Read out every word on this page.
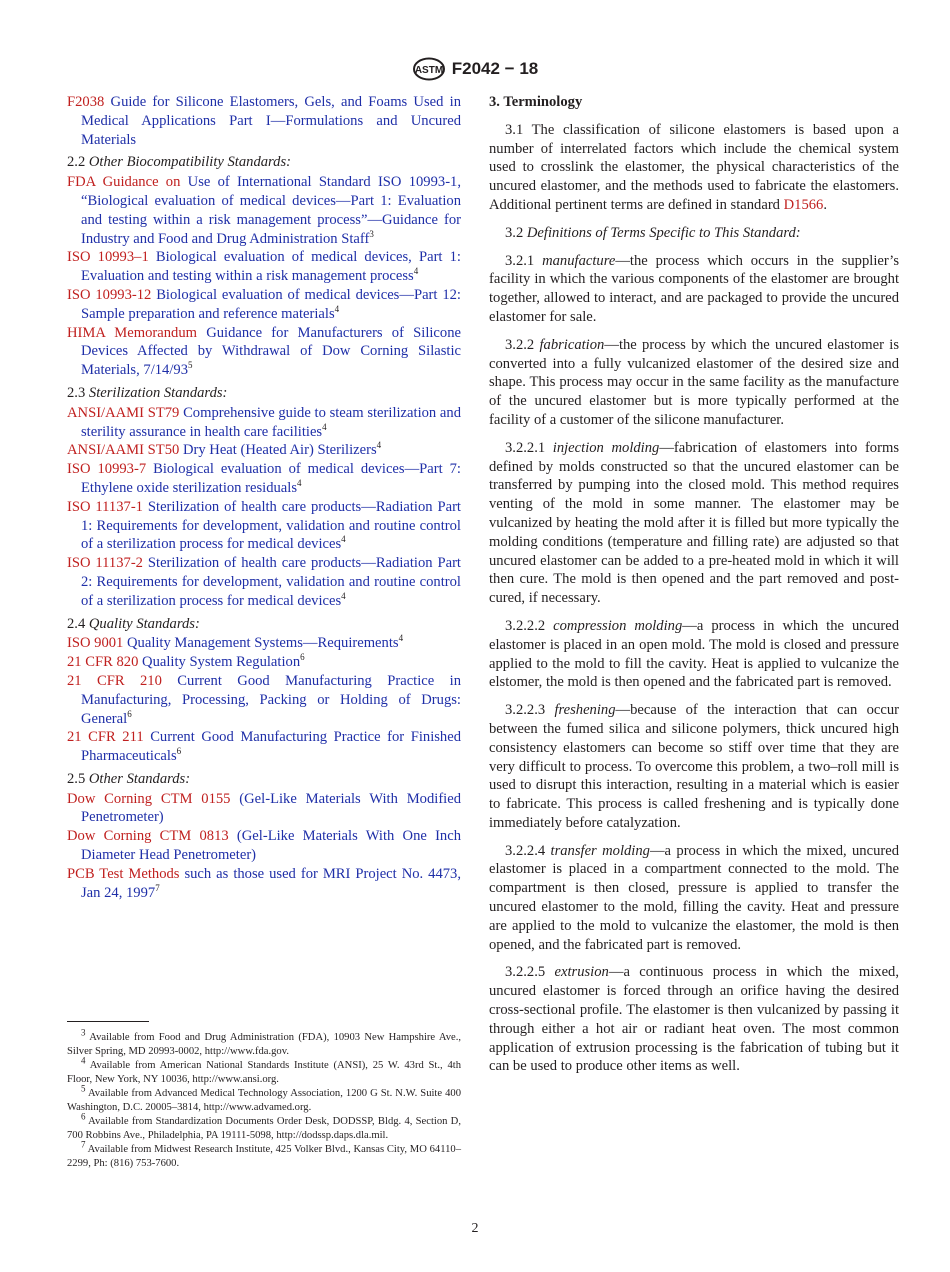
ASTM F2042 − 18

F2038 Guide for Silicone Elastomers, Gels, and Foams Used in Medical Applications Part I—Formulations and Uncured Materials

2.2 Other Biocompatibility Standards:

FDA Guidance on Use of International Standard ISO 10993-1, “Biological evaluation of medical devices—Part 1: Evaluation and testing within a risk management process”—Guidance for Industry and Food and Drug Administration Staff$^3$

ISO 10993–1 Biological evaluation of medical devices, Part 1: Evaluation and testing within a risk management process$^4$

ISO 10993-12 Biological evaluation of medical devices—Part 12: Sample preparation and reference materials$^4$

HIMA Memorandum Guidance for Manufacturers of Silicone Devices Affected by Withdrawal of Dow Corning Silastic Materials, $7/14/93^5$

2.3 Sterilization Standards:

ANSI/AAMI ST79 Comprehensive guide to steam sterilization and sterility assurance in health care facilities$^4$

ANSI/AAMI ST50 Dry Heat (Heated Air) Sterilizers$^4$

ISO 10993-7 Biological evaluation of medical devices—Part 7: Ethylene oxide sterilization residuals$^4$

ISO 11137-1 Sterilization of health care products—Radiation Part 1: Requirements for development, validation and routine control of a sterilization process for medical devices$^4$

ISO 11137-2 Sterilization of health care products—Radiation Part 2: Requirements for development, validation and routine control of a sterilization process for medical devices$^4$

2.4 Quality Standards:

ISO 9001 Quality Management Systems—Requirements$^4$

21 CFR 820 Quality System Regulation$^6$

21 CFR 210 Current Good Manufacturing Practice in Manufacturing, Processing, Packing or Holding of Drugs: General$^6$

21 CFR 211 Current Good Manufacturing Practice for Finished Pharmaceuticals$^6$

2.5 Other Standards:

Dow Corning CTM 0155 (Gel-Like Materials With Modified Penetrometer)

Dow Corning CTM 0813 (Gel-Like Materials With One Inch Diameter Head Penetrometer)

PCB Test Methods such as those used for MRI Project No. 4473, Jan 24, 1997$^7$

$^3$ Available from Food and Drug Administration (FDA), 10903 New Hampshire Ave., Silver Spring, MD 20993-0002, http://www.fda.gov.

$^4$ Available from American National Standards Institute (ANSI), 25 W. 43rd St., 4th Floor, New York, NY 10036, http://www.ansi.org.

$^5$ Available from Advanced Medical Technology Association, 1200 G St. N.W. Suite 400 Washington, D.C. 20005–3814, http://www.advamed.org.

$^6$ Available from Standardization Documents Order Desk, DODSSP, Bldg. 4, Section D, 700 Robbins Ave., Philadelphia, PA 19111-5098, http://dodssp.daps.dla.mil.

$^7$ Available from Midwest Research Institute, 425 Volker Blvd., Kansas City, MO 64110–2299, Ph: (816) 753-7600.

3. Terminology

3.1 The classification of silicone elastomers is based upon a number of interrelated factors which include the chemical system used to crosslink the elastomer, the physical characteristics of the uncured elastomer, and the methods used to fabricate the elastomers. Additional pertinent terms are defined in standard D1566.

3.2 Definitions of Terms Specific to This Standard:

3.2.1 manufacture—the process which occurs in the supplier’s facility in which the various components of the elastomer are brought together, allowed to interact, and are packaged to provide the uncured elastomer for sale.

3.2.2 fabrication—the process by which the uncured elastomer is converted into a fully vulcanized elastomer of the desired size and shape. This process may occur in the same facility as the manufacture of the uncured elastomer but is more typically performed at the facility of a customer of the silicone manufacturer.

3.2.2.1 injection molding—fabrication of elastomers into forms defined by molds constructed so that the uncured elastomer can be transferred by pumping into the closed mold. This method requires venting of the mold in some manner. The elastomer may be vulcanized by heating the mold after it is filled but more typically the molding conditions (temperature and filling rate) are adjusted so that uncured elastomer can be added to a pre-heated mold in which it will then cure. The mold is then opened and the part removed and post-cured, if necessary.

3.2.2.2 compression molding—a process in which the uncured elastomer is placed in an open mold. The mold is closed and pressure applied to the mold to fill the cavity. Heat is applied to vulcanize the elstomer, the mold is then opened and the fabricated part is removed.

3.2.2.3 freshening—because of the interaction that can occur between the fumed silica and silicone polymers, thick uncured high consistency elastomers can become so stiff over time that they are very difficult to process. To overcome this problem, a two–roll mill is used to disrupt this interaction, resulting in a material which is easier to fabricate. This process is called freshening and is typically done immediately before catalyzation.

3.2.2.4 transfer molding—a process in which the mixed, uncured elastomer is placed in a compartment connected to the mold. The compartment is then closed, pressure is applied to transfer the uncured elastomer to the mold, filling the cavity. Heat and pressure are applied to the mold to vulcanize the elastomer, the mold is then opened, and the fabricated part is removed.

3.2.2.5 extrusion—a continuous process in which the mixed, uncured elastomer is forced through an orifice having the desired cross-sectional profile. The elastomer is then vulcanized by passing it through either a hot air or radiant heat oven. The most common application of extrusion processing is the fabrication of tubing but it can be used to produce other items as well.

2
